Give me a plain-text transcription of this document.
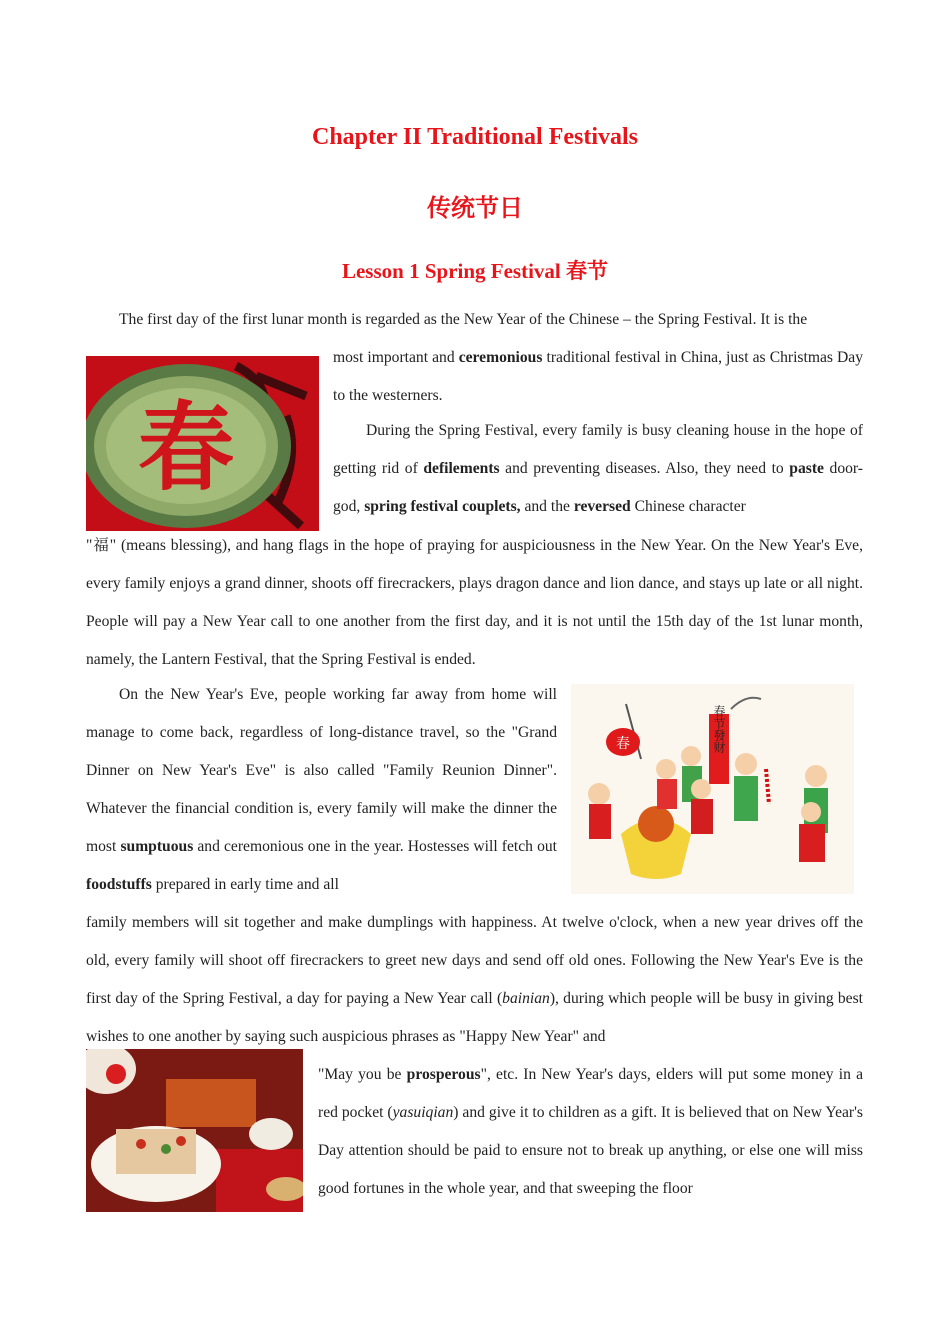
Chapter II Traditional Festivals
传统节日
Lesson 1 Spring Festival 春节

The first day of the first lunar month is regarded as the New Year of the Chinese – the Spring Festival. It is the

春

most important and ceremonious traditional festival in China, just as Christmas Day to the westerners.

During the Spring Festival, every family is busy cleaning house in the hope of getting rid of defilements and preventing diseases. Also, they need to paste door-god, spring festival couplets, and the reversed Chinese character

"福" (means blessing), and hang flags in the hope of praying for auspiciousness in the New Year. On the New Year's Eve, every family enjoys a grand dinner, shoots off firecrackers, plays dragon dance and lion dance, and stays up late or all night. People will pay a New Year call to one another from the first day, and it is not until the 15th day of the 1st lunar month, namely, the Lantern Festival, that the Spring Festival is ended.

On the New Year's Eve, people working far away from home will manage to come back, regardless of long-distance travel, so the "Grand Dinner on New Year's Eve" is also called "Family Reunion Dinner". Whatever the financial condition is, every family will make the dinner the most sumptuous and ceremonious one in the year. Hostesses will fetch out foodstuffs prepared in early time and all

春	春节發财

family members will sit together and make dumplings with happiness. At twelve o'clock, when a new year drives off the old, every family will shoot off firecrackers to greet new days and send off old ones. Following the New Year's Eve is the first day of the Spring Festival, a day for paying a New Year call (bainian), during which people will be busy in giving best wishes to one another by saying such auspicious phrases as "Happy New Year" and

"May you be prosperous", etc. In New Year's days, elders will put some money in a red pocket (yasuiqian) and give it to children as a gift. It is believed that on New Year's Day attention should be paid to ensure not to break up anything, or else one will miss good fortunes in the whole year, and that sweeping the floor
